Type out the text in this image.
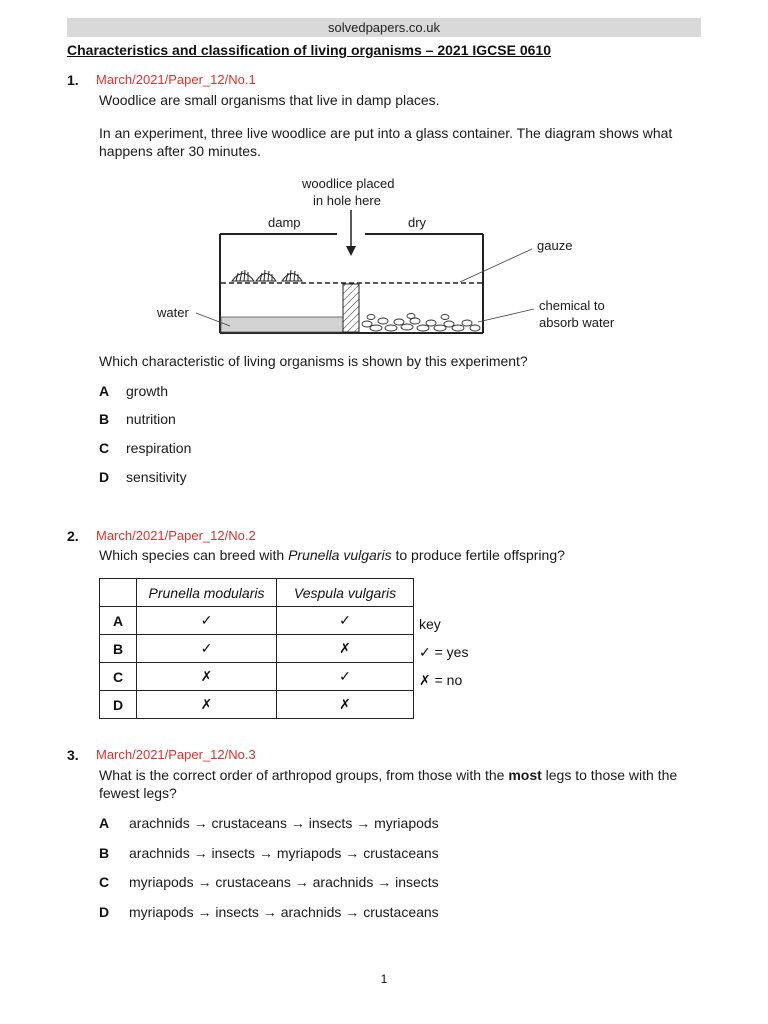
solvedpapers.co.uk
Characteristics and classification of living organisms – 2021 IGCSE 0610
1. March/2021/Paper_12/No.1
Woodlice are small organisms that live in damp places.
In an experiment, three live woodlice are put into a glass container. The diagram shows what
happens after 30 minutes.
woodlice placed
in hole here
damp	dry
gauze
water	chemical to
absorb water
Which characteristic of living organisms is shown by this experiment?
A growth
B nutrition
C respiration
D sensitivity
2. March/2021/Paper_12/No.2
Which species can breed with Prunella vulgaris to produce fertile offspring?
	Prunella modularis	Vespula vulgaris
A	✓	✓
B	✓	✗
C	✗	✓
D	✗	✗
key
✓ = yes
✗ = no
3. March/2021/Paper_12/No.3
What is the correct order of arthropod groups, from those with the most legs to those with the
fewest legs?
A arachnids → crustaceans → insects → myriapods
B arachnids → insects → myriapods → crustaceans
C myriapods → crustaceans → arachnids → insects
D myriapods → insects → arachnids → crustaceans
1
